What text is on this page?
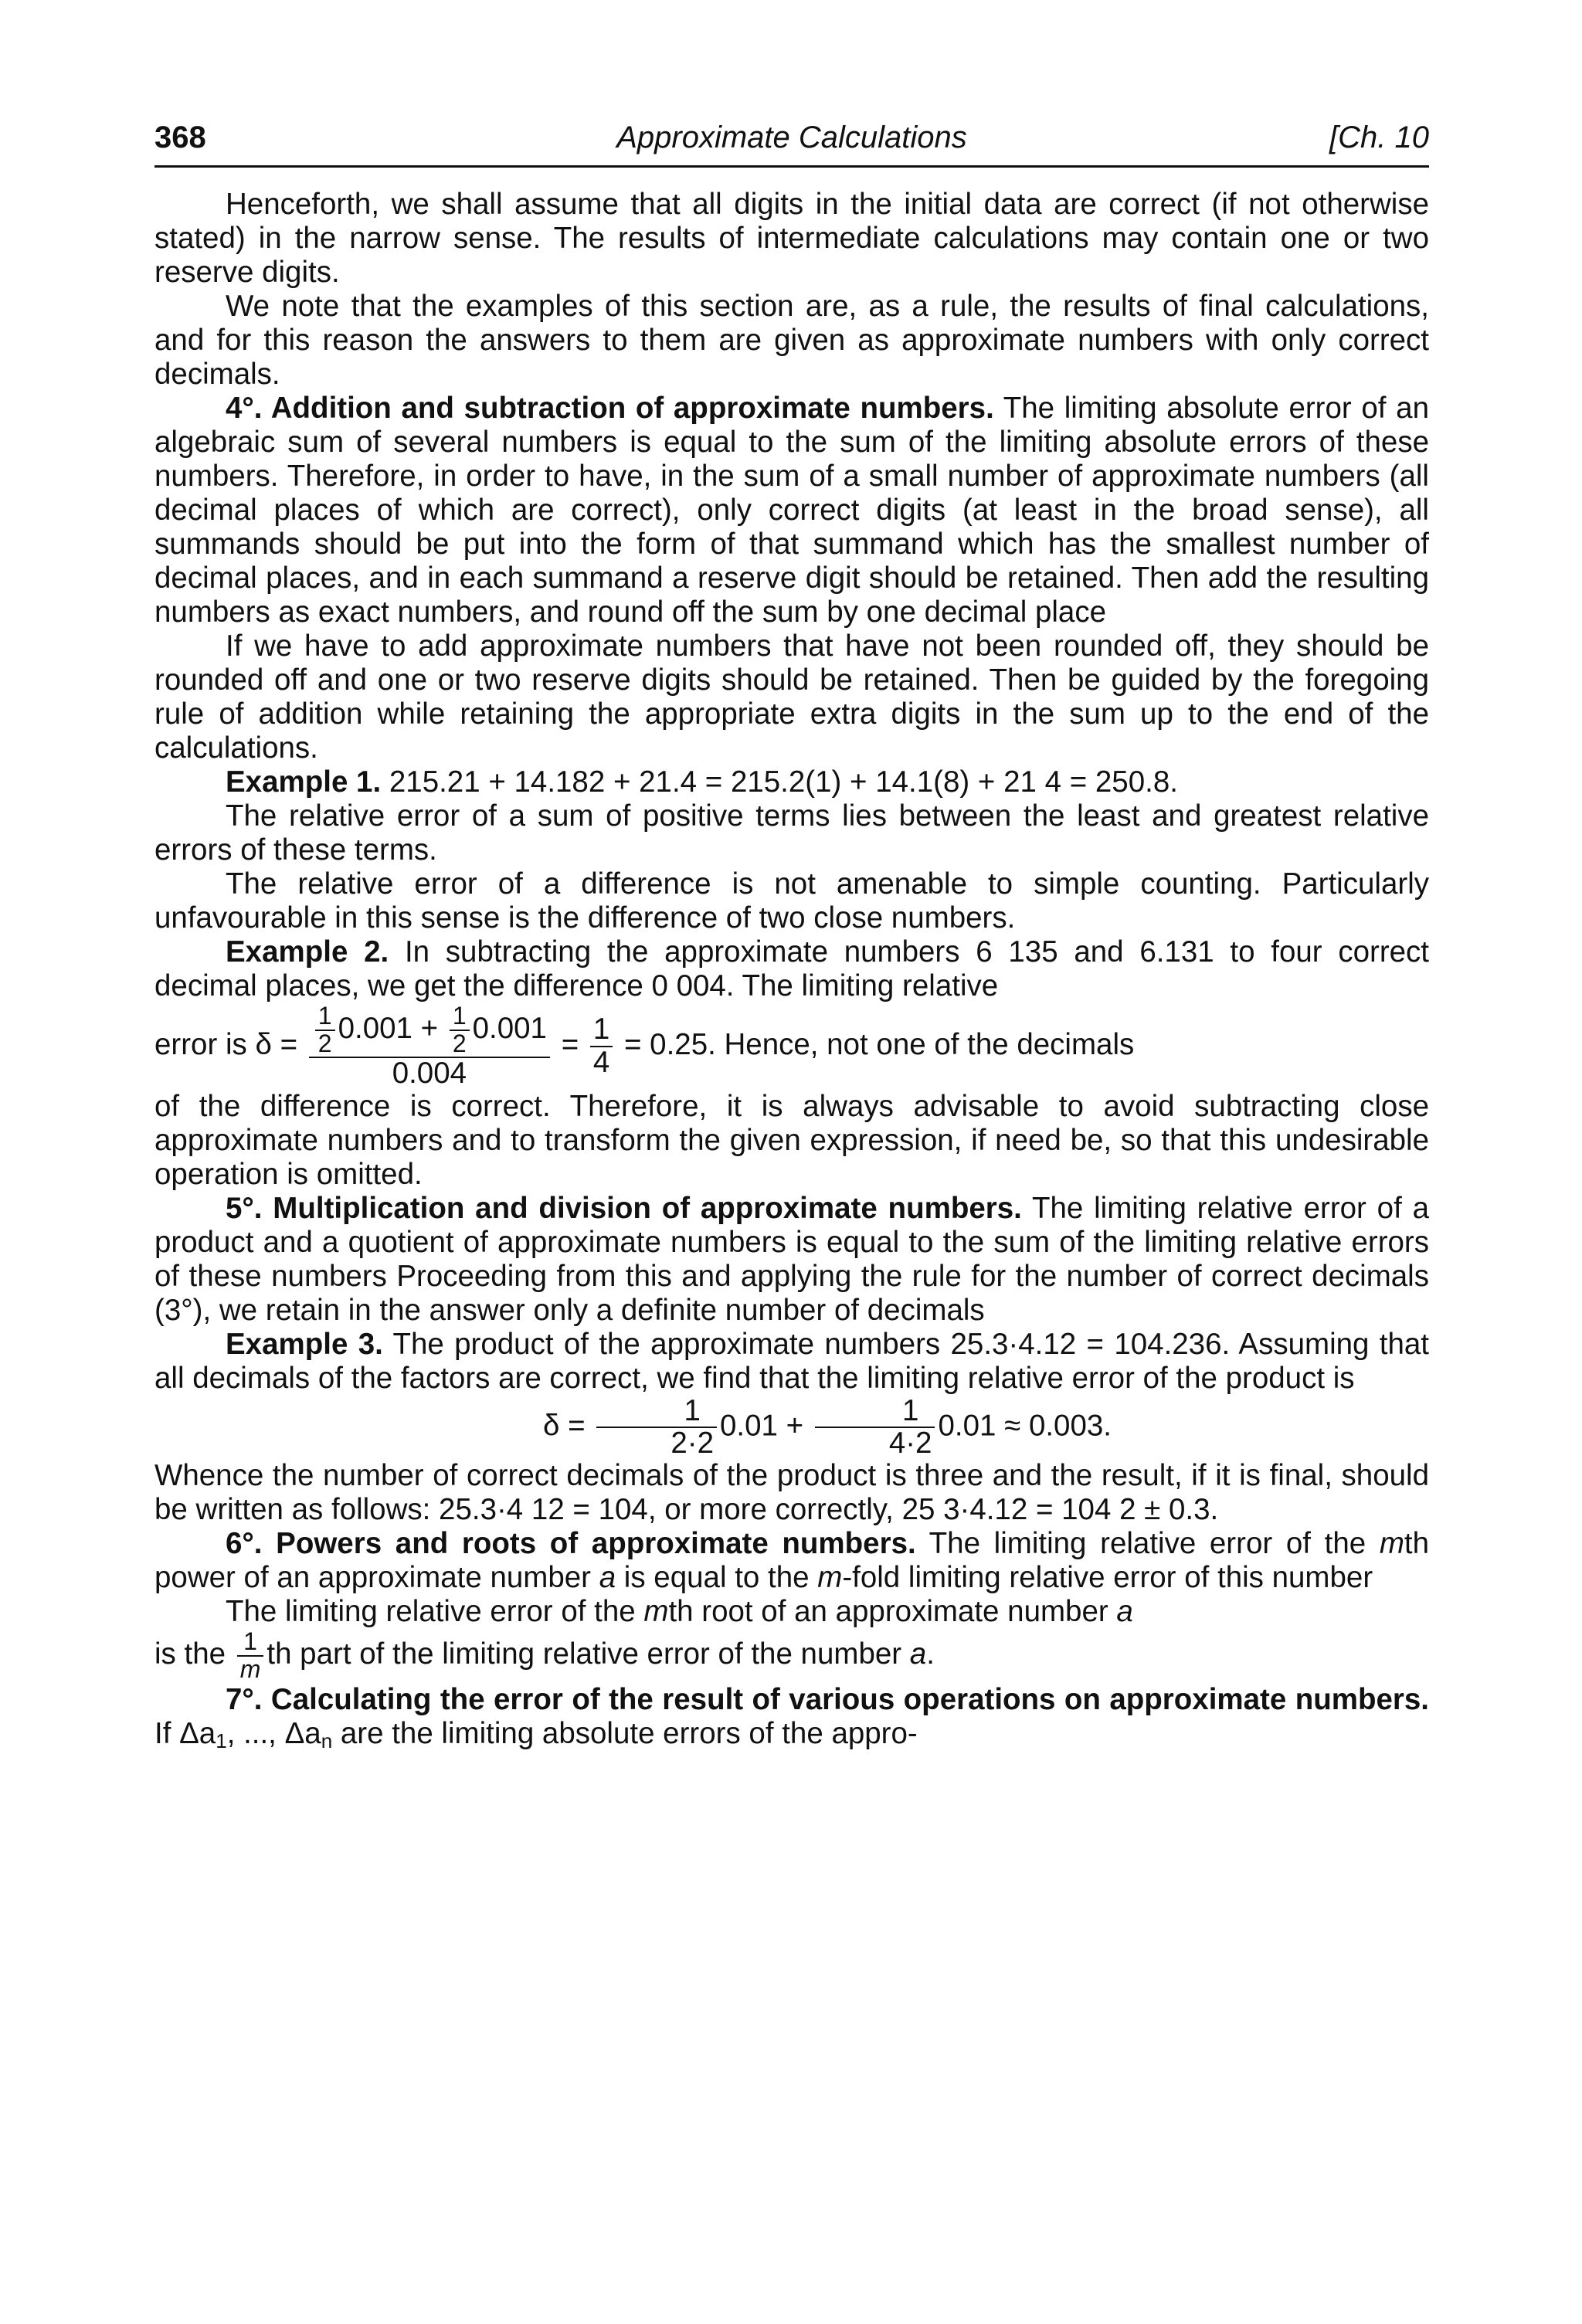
368	Approximate Calculations	[Ch. 10

Henceforth, we shall assume that all digits in the initial data are correct (if not otherwise stated) in the narrow sense. The results of intermediate calculations may contain one or two reserve digits.

We note that the examples of this section are, as a rule, the results of final calculations, and for this reason the answers to them are given as approximate numbers with only correct decimals.

4°. Addition and subtraction of approximate numbers. The limiting absolute error of an algebraic sum of several numbers is equal to the sum of the limiting absolute errors of these numbers. Therefore, in order to have, in the sum of a small number of approximate numbers (all decimal places of which are correct), only correct digits (at least in the broad sense), all summands should be put into the form of that summand which has the smallest number of decimal places, and in each summand a reserve digit should be retained. Then add the resulting numbers as exact numbers, and round off the sum by one decimal place

If we have to add approximate numbers that have not been rounded off, they should be rounded off and one or two reserve digits should be retained. Then be guided by the foregoing rule of addition while retaining the appropriate extra digits in the sum up to the end of the calculations.

Example 1. 215.21 + 14.182 + 21.4 = 215.2(1) + 14.1(8) + 21 4 = 250.8.

The relative error of a sum of positive terms lies between the least and greatest relative errors of these terms.

The relative error of a difference is not amenable to simple counting. Particularly unfavourable in this sense is the difference of two close numbers.

Example 2. In subtracting the approximate numbers 6 135 and 6.131 to four correct decimal places, we get the difference 0 004. The limiting relative

error is $\delta = \frac{\frac{1}{2} 0.001 + \frac{1}{2} 0.001}{0.004} = \frac{1}{4} = 0.25$. Hence, not one of the decimals

of the difference is correct. Therefore, it is always advisable to avoid subtracting close approximate numbers and to transform the given expression, if need be, so that this undesirable operation is omitted.

5°. Multiplication and division of approximate numbers. The limiting relative error of a product and a quotient of approximate numbers is equal to the sum of the limiting relative errors of these numbers Proceeding from this and applying the rule for the number of correct decimals (3°), we retain in the answer only a definite number of decimals

Example 3. The product of the approximate numbers 25.3·4.12 = 104.236. Assuming that all decimals of the factors are correct, we find that the limiting relative error of the product is

$\delta = \frac{1}{2\cdot 2} 0.01 + \frac{1}{4\cdot 2} 0.01 \approx 0.003$.

Whence the number of correct decimals of the product is three and the result, if it is final, should be written as follows: 25.3·4 12 = 104, or more correctly, 25 3·4.12 = 104 2 ± 0.3.

6°. Powers and roots of approximate numbers. The limiting relative error of the mth power of an approximate number a is equal to the m-fold limiting relative error of this number

The limiting relative error of the mth root of an approximate number a

is the $\frac{1}{m}$ th part of the limiting relative error of the number a.

7°. Calculating the error of the result of various operations on approximate numbers. If $\Delta a_1$, ..., $\Delta a_n$ are the limiting absolute errors of the appro-
